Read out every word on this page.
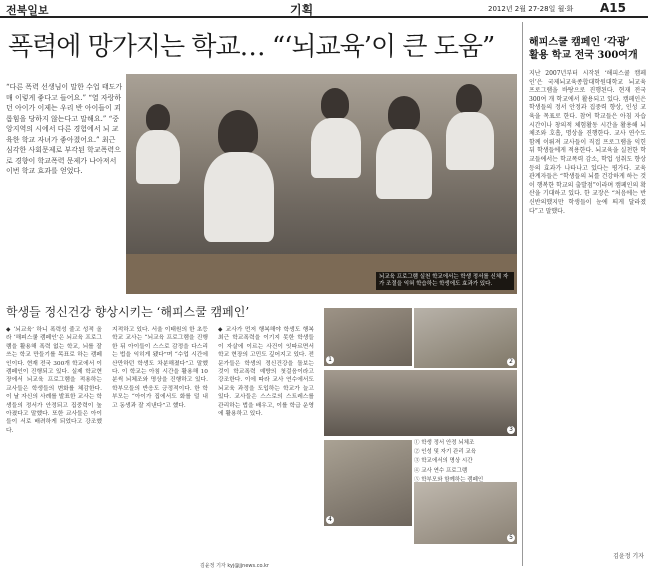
전북일보	기획	2012년 2월 27-28일 월·화 A15
폭력에 망가지는 학교… “‘뇌교육’이 큰 도움”
“다른 폭력 선생님이 말한 수업 태도가 매 이렇게 좋다고 들어요.” “열 자랑하던 아이가 이제는 우리 반 아이들이 괴롭힘을 당하지 않는다고 말해요.” “중앙지역의 시에서 다른 경험에서 뇌 교육한 학교 자녀가 좋아졌어요.” 최근 심각한 사회문제로 부각된 학교폭력으로 경향이 학교폭력 문제가 나아져서 이번 학교 효과를 얻었다.
뇌교육 프로그램 실천 학교에서는 학생 정서를 신체 자가 조절을 익혀 학습하는 학생에도 효과가 있다.
학생들 정신건강 향상시키는 ‘해피스쿨 캠페인’
◆ ‘뇌교육’ 하니 폭력성 줄고 성적 올라 ‘해피스쿨 캠페인’은 뇌교육 프로그램을 활용해 폭력 없는 학교, 뇌를 잘 쓰는 학교 만들기를 목표로 하는 캠페인이다. 현재 전국 300개 학교에서 이 캠페인이 진행되고 있다. 실제 학교현장에서 뇌교육 프로그램을 적용하는 교사들은 학생들의 변화를 체감한다. 이 날 자신의 사례를 발표한 교사는 학생들의 정서가 안정되고 집중력이 높아졌다고 말했다. 또한 교사들은 아이들이 서로 배려하게 되었다고 강조했다.
지적하고 있다. 서울 이태원의 한 초등학교 교사는 “뇌교육 프로그램을 진행한 뒤 아이들이 스스로 감정을 다스리는 법을 익히게 됐다”며 “수업 시간에 산만하던 학생도 차분해졌다”고 말했다. 이 학교는 아침 시간을 활용해 10분씩 뇌체조와 명상을 진행하고 있다. 학부모들의 반응도 긍정적이다. 한 학부모는 “아이가 집에서도 화를 덜 내고 동생과 잘 지낸다”고 했다.
◆ 교사가 먼저 행복해야 학생도 행복 최근 학교폭력을 이기지 못한 학생들이 자살에 이르는 사건이 잇따르면서 학교 현장의 고민도 깊어지고 있다. 전문가들은 학생의 정신건강을 돌보는 것이 학교폭력 예방의 첫걸음이라고 강조한다. 이에 따라 교사 연수에서도 뇌교육 과정을 도입하는 학교가 늘고 있다. 교사들은 스스로의 스트레스를 관리하는 법을 배우고, 이를 학급 운영에 활용하고 있다.
1	2
3
4
5
① 학생 정서 안정 뇌체조
② 인성 및 자기 관리 교육
③ 학교에서의 명상 시간
④ 교사 연수 프로그램
⑤ 학부모와 함께하는 캠페인
해피스쿨 캠페인 ‘각광’
활용 학교 전국 300여개
지난 2007년부터 시작된 ‘해피스쿨 캠페인’은 국제뇌교육종합대학원대학교 뇌교육 프로그램을 바탕으로 진행된다. 현재 전국 300여 개 학교에서 활용되고 있다. 캠페인은 학생들의 정서 안정과 집중력 향상, 인성 교육을 목표로 한다. 참여 학교들은 아침 자습 시간이나 창의적 체험활동 시간을 활용해 뇌체조와 호흡, 명상을 진행한다. 교사 연수도 함께 이뤄져 교사들이 직접 프로그램을 익힌 뒤 학생들에게 적용한다. 뇌교육을 실천한 학교들에서는 학교폭력 감소, 학업 성취도 향상 등의 효과가 나타나고 있다는 평가다. 교육 관계자들은 “학생들의 뇌를 건강하게 하는 것이 행복한 학교의 출발점”이라며 캠페인의 확산을 기대하고 있다. 한 교장은 “처음에는 반신반의했지만 학생들이 눈에 띄게 달라졌다”고 말했다.
김윤정 기자
김윤정 기자 kyj@jjnews.co.kr
